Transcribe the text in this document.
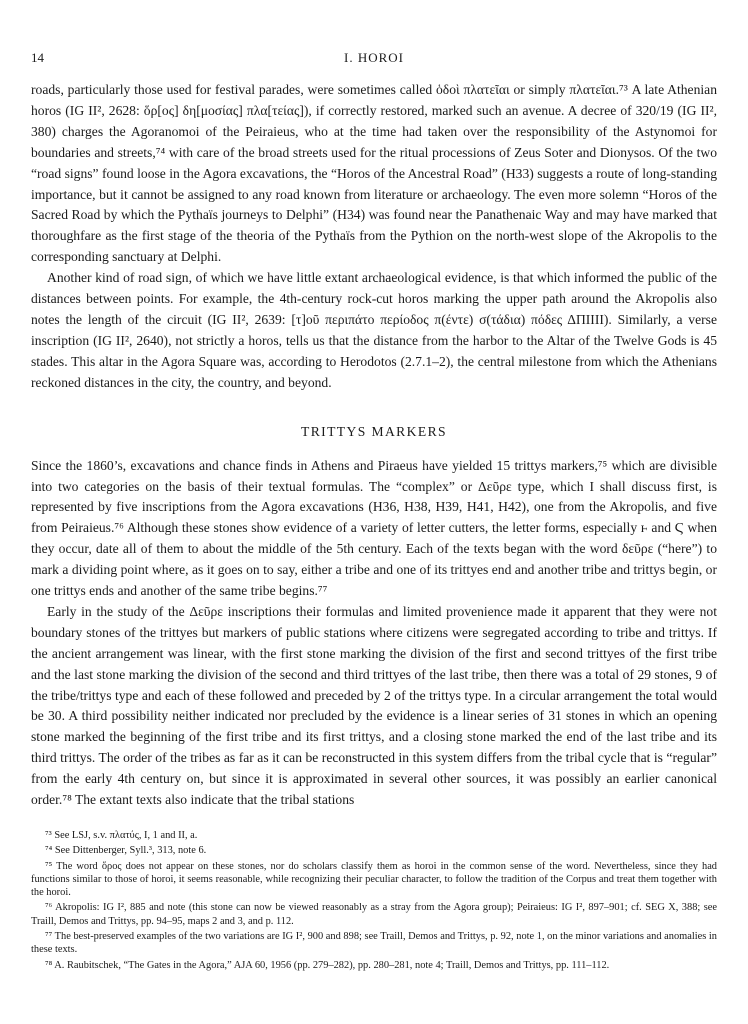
14	I. HOROI

roads, particularly those used for festival parades, were sometimes called ὁδοὶ πλατεῖαι or simply πλατεῖαι.⁷³ A late Athenian horos (IG II², 2628: ὅρ[ος] δη[μοσίας] πλα[τείας]), if correctly restored, marked such an avenue. A decree of 320/19 (IG II², 380) charges the Agoranomoi of the Peiraieus, who at the time had taken over the responsibility of the Astynomoi for boundaries and streets,⁷⁴ with care of the broad streets used for the ritual processions of Zeus Soter and Dionysos. Of the two “road signs” found loose in the Agora excavations, the “Horos of the Ancestral Road” (H33) suggests a route of long-standing importance, but it cannot be assigned to any road known from literature or archaeology. The even more solemn “Horos of the Sacred Road by which the Pythaïs journeys to Delphi” (H34) was found near the Panathenaic Way and may have marked that thoroughfare as the first stage of the theoria of the Pythaïs from the Pythion on the north-west slope of the Akropolis to the corresponding sanctuary at Delphi.

Another kind of road sign, of which we have little extant archaeological evidence, is that which informed the public of the distances between points. For example, the 4th-century rock-cut horos marking the upper path around the Akropolis also notes the length of the circuit (IG II², 2639: [τ]οῦ περιπάτο περίοδος π(έντε) σ(τάδια) πόδες ΔΠIIII). Similarly, a verse inscription (IG II², 2640), not strictly a horos, tells us that the distance from the harbor to the Altar of the Twelve Gods is 45 stades. This altar in the Agora Square was, according to Herodotos (2.7.1–2), the central milestone from which the Athenians reckoned distances in the city, the country, and beyond.

TRITTYS MARKERS

Since the 1860’s, excavations and chance finds in Athens and Piraeus have yielded 15 trittys markers,⁷⁵ which are divisible into two categories on the basis of their textual formulas. The “complex” or Δεῦρε type, which I shall discuss first, is represented by five inscriptions from the Agora excavations (H36, H38, H39, H41, H42), one from the Akropolis, and five from Peiraieus.⁷⁶ Although these stones show evidence of a variety of letter cutters, the letter forms, especially ⱶ and Ϛ when they occur, date all of them to about the middle of the 5th century. Each of the texts began with the word δεῦρε (“here”) to mark a dividing point where, as it goes on to say, either a tribe and one of its trittyes end and another tribe and trittys begin, or one trittys ends and another of the same tribe begins.⁷⁷

Early in the study of the Δεῦρε inscriptions their formulas and limited provenience made it apparent that they were not boundary stones of the trittyes but markers of public stations where citizens were segregated according to tribe and trittys. If the ancient arrangement was linear, with the first stone marking the division of the first and second trittyes of the first tribe and the last stone marking the division of the second and third trittyes of the last tribe, then there was a total of 29 stones, 9 of the tribe/trittys type and each of these followed and preceded by 2 of the trittys type. In a circular arrangement the total would be 30. A third possibility neither indicated nor precluded by the evidence is a linear series of 31 stones in which an opening stone marked the beginning of the first tribe and its first trittys, and a closing stone marked the end of the last tribe and its third trittys. The order of the tribes as far as it can be reconstructed in this system differs from the tribal cycle that is “regular” from the early 4th century on, but since it is approximated in several other sources, it was possibly an earlier canonical order.⁷⁸ The extant texts also indicate that the tribal stations

⁷³ See LSJ, s.v. πλατύς, I, 1 and II, a.

⁷⁴ See Dittenberger, Syll.³, 313, note 6.

⁷⁵ The word ὅρος does not appear on these stones, nor do scholars classify them as horoi in the common sense of the word. Nevertheless, since they had functions similar to those of horoi, it seems reasonable, while recognizing their peculiar character, to follow the tradition of the Corpus and treat them together with the horoi.

⁷⁶ Akropolis: IG I², 885 and note (this stone can now be viewed reasonably as a stray from the Agora group); Peiraieus: IG I², 897–901; cf. SEG X, 388; see Traill, Demos and Trittys, pp. 94–95, maps 2 and 3, and p. 112.

⁷⁷ The best-preserved examples of the two variations are IG I², 900 and 898; see Traill, Demos and Trittys, p. 92, note 1, on the minor variations and anomalies in these texts.

⁷⁸ A. Raubitschek, “The Gates in the Agora,” AJA 60, 1956 (pp. 279–282), pp. 280–281, note 4; Traill, Demos and Trittys, pp. 111–112.
